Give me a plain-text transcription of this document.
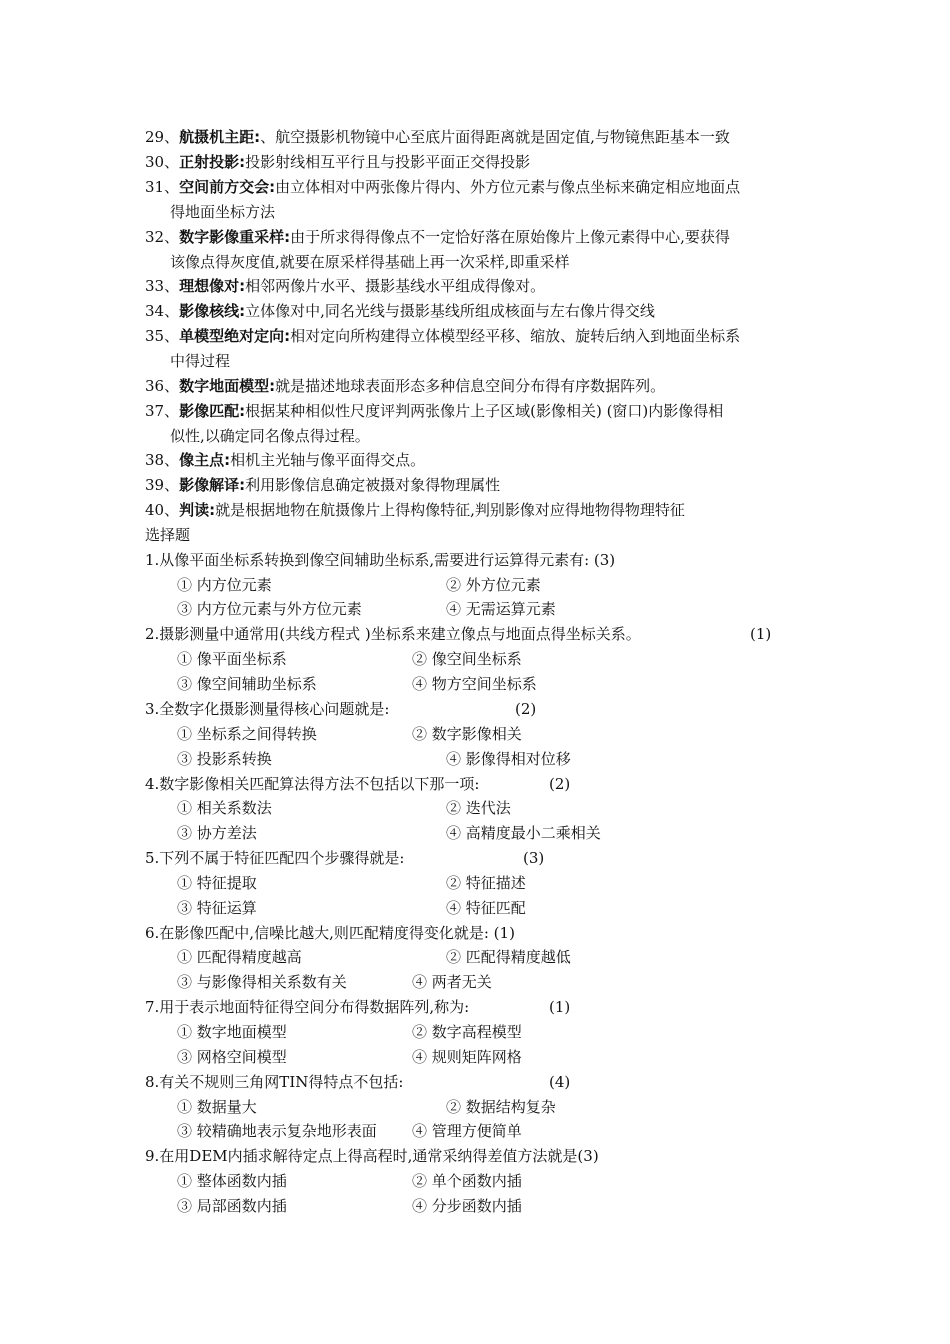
29、航摄机主距:、航空摄影机物镜中心至底片面得距离就是固定值,与物镜焦距基本一致
30、正射投影:投影射线相互平行且与投影平面正交得投影
31、空间前方交会:由立体相对中两张像片得内、外方位元素与像点坐标来确定相应地面点
得地面坐标方法
32、数字影像重采样:由于所求得得像点不一定恰好落在原始像片上像元素得中心,要获得
该像点得灰度值,就要在原采样得基础上再一次采样,即重采样
33、理想像对:相邻两像片水平、摄影基线水平组成得像对。
34、影像核线:立体像对中,同名光线与摄影基线所组成核面与左右像片得交线
35、单模型绝对定向:相对定向所构建得立体模型经平移、缩放、旋转后纳入到地面坐标系
中得过程
36、数字地面模型:就是描述地球表面形态多种信息空间分布得有序数据阵列。
37、影像匹配:根据某种相似性尺度评判两张像片上子区域(影像相关) (窗口)内影像得相
似性,以确定同名像点得过程。
38、像主点:相机主光轴与像平面得交点。
39、影像解译:利用影像信息确定被摄对象得物理属性
40、判读:就是根据地物在航摄像片上得构像特征,判别影像对应得地物得物理特征
选择题
1.从像平面坐标系转换到像空间辅助坐标系,需要进行运算得元素有: (3)
① 内方位元素	② 外方位元素
③ 内方位元素与外方位元素	④ 无需运算元素
2.摄影测量中通常用(共线方程式 )坐标系来建立像点与地面点得坐标关系。	(1)
① 像平面坐标系	② 像空间坐标系
③ 像空间辅助坐标系	④ 物方空间坐标系
3.全数字化摄影测量得核心问题就是:	(2)
① 坐标系之间得转换	② 数字影像相关
③ 投影系转换	④ 影像得相对位移
4.数字影像相关匹配算法得方法不包括以下那一项:	(2)
① 相关系数法	② 迭代法
③ 协方差法	④ 高精度最小二乘相关
5.下列不属于特征匹配四个步骤得就是:	(3)
① 特征提取	② 特征描述
③ 特征运算	④ 特征匹配
6.在影像匹配中,信噪比越大,则匹配精度得变化就是: (1)
① 匹配得精度越高	② 匹配得精度越低
③ 与影像得相关系数有关	④ 两者无关
7.用于表示地面特征得空间分布得数据阵列,称为:	(1)
① 数字地面模型	② 数字高程模型
③ 网格空间模型	④ 规则矩阵网格
8.有关不规则三角网TIN得特点不包括:	(4)
① 数据量大	② 数据结构复杂
③ 较精确地表示复杂地形表面 ④ 管理方便简单
9.在用DEM内插求解待定点上得高程时,通常采纳得差值方法就是(3)
① 整体函数内插	② 单个函数内插
③ 局部函数内插	④ 分步函数内插
